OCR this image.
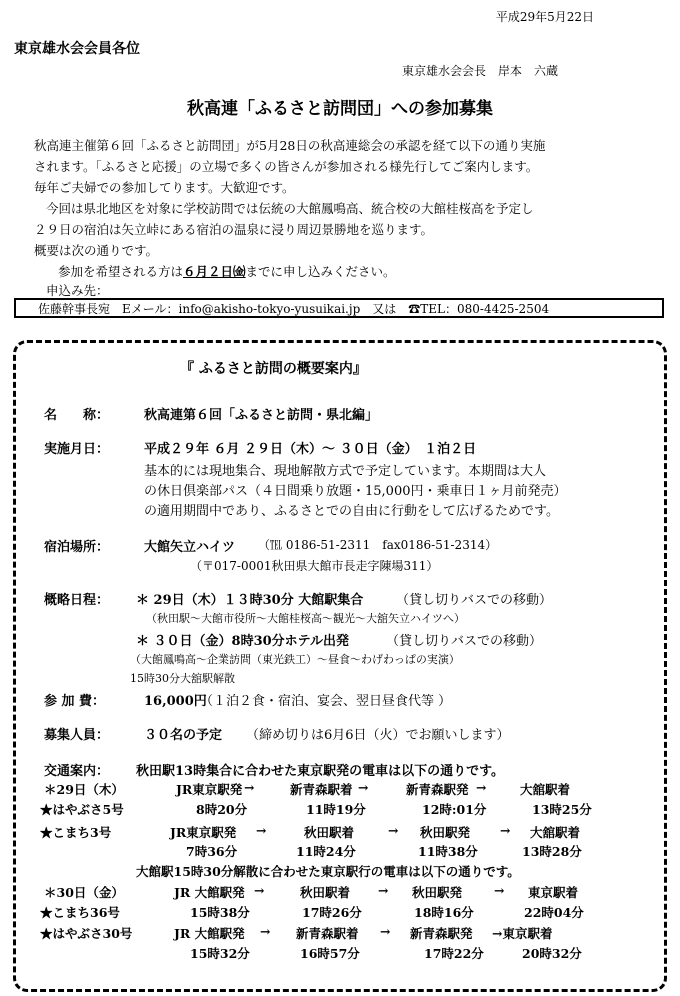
平成29年5月22日
東京雄水会会員各位
東京雄水会会長　岸本　六蔵
秋高連「ふるさと訪問団」への参加募集
秋高連主催第６回「ふるさと訪問団」が5月28日の秋高連総会の承認を経て以下の通り実施
されます。「ふるさと応援」の立場で多くの皆さんが参加される様先行してご案内します。
毎年ご夫婦での参加してります。大歓迎です。
今回は県北地区を対象に学校訪問では伝統の大館鳳鳴高、統合校の大館桂桜高を予定し
２９日の宿泊は矢立峠にある宿泊の温泉に浸り周辺景勝地を巡ります。
概要は次の通りです。
参加を希望される方は６月２日㈮までに申し込みください。
申込み先：
佐藤幹事長宛　Eメール：info@akisho-tokyo-yusuikai.jp　又は　☎TEL：080-4425-2504
『 ふるさと訪問の概要案内』
名　　称：	秋高連第６回「ふるさと訪問・県北編」
実施月日：	平成２９年 ６月 ２９日（木）～ ３０日（金）　１泊２日
基本的には現地集合、現地解散方式で予定しています。本期間は大人
の休日倶楽部パス（４日間乗り放題・15,000円・乗車日１ヶ月前発売）
の適用期間中であり、ふるさとでの自由に行動をして広げるためです。
宿泊場所：	大館矢立ハイツ （℡ 0186-51-2311　fax0186-51-2314）
（〒017-0001秋田県大館市長走字陳場311）
概略日程： ＊ 29日（木）１３時30分 大館駅集合	（貸し切りバスでの移動）
（秋田駅～大館市役所～大館桂桜高～観光～大舘矢立ハイツへ）
＊ ３０日（金）8時30分ホテル出発	（貸し切りバスでの移動）
（大館鳳鳴高～企業訪問（東光鉄工）～昼食～わげわっぱの実演）
15時30分大舘駅解散
参 加 費：	16,000円
（１泊２食・宿泊、宴会、翌日昼食代等 ）
募集人員：	３０名の予定 （締め切りは6月6日（火）でお願いします）
交通案内： 秋田駅13時集合に合わせた東京駅発の電車は以下の通りです。
＊29日（木）
★はやぶさ5号
JR東京駅発 →	新青森駅着 →	新青森駅発 →	大舘駅着
8時20分	11時19分	12時:01分	13時25分
★こまち3号	JR東京駅発 →	秋田駅着	→ 秋田駅発 → 大舘駅着
7時36分	11時24分	11時38分	13時28分
大館駅15時30分解散に合わせた東京駅行の電車は以下の通りです。
＊30日（金）
★こまち36号
JR 大館駅発 →	秋田駅着 → 秋田駅発	→ 東京駅着
15時38分	17時26分	18時16分	22時04分
★はやぶさ30号	JR 大館駅発 → 新青森駅着 → 新青森駅発 →東京駅着
15時32分	16時57分	17時22分	20時32分
